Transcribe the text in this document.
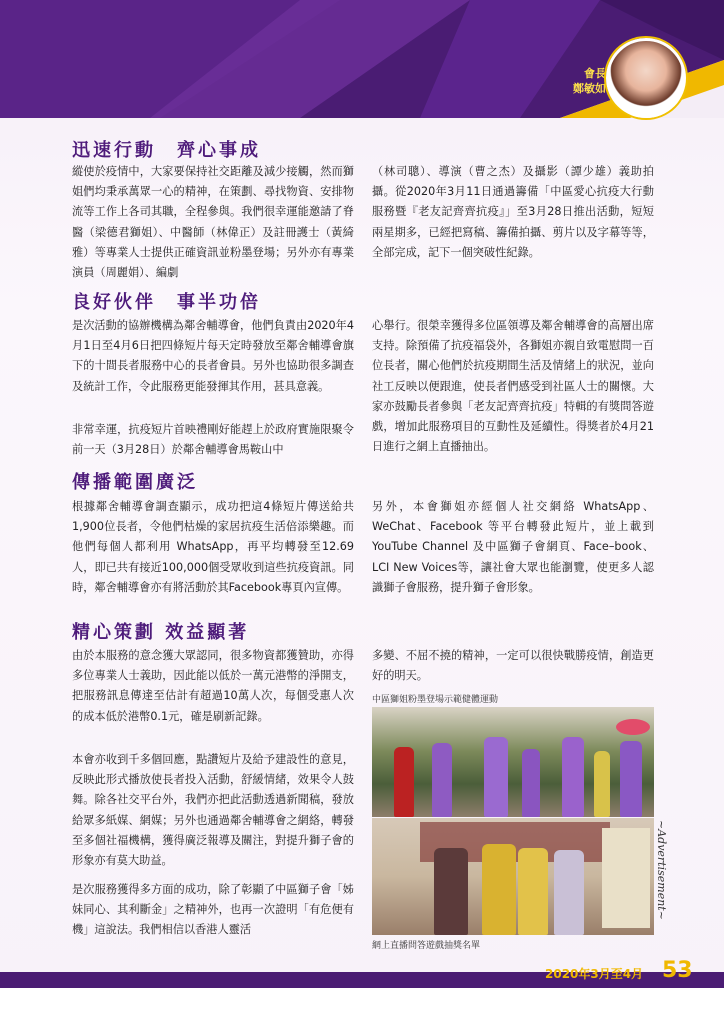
會長
鄭敏如
迅速行動　齊心事成

縱使於疫情中，大家要保持社交距離及減少接觸，然而獅姐們均秉承萬眾一心的精神，在策劃、尋找物資、安排物流等工作上各司其職，全程參與。我們很幸運能邀請了脊醫（梁德君獅姐）、中醫師（林偉正）及註冊護士（黃綺雅）等專業人士提供正確資訊並粉墨登場；另外亦有專業演員（周麗娟）、編劇

（林司聰）、導演（曹之杰）及攝影（譚少雄）義助拍攝。從2020年3月11日通過籌備「中區愛心抗疫大行動服務暨『老友記齊齊抗疫』」至3月28日推出活動，短短兩星期多，已經把寫稿、籌備拍攝、剪片以及字幕等等，全部完成，記下一個突破性紀錄。

良好伙伴　事半功倍

是次活動的協辦機構為鄰舍輔導會，他們負責由2020年4月1日至4月6日把四條短片每天定時發放至鄰舍輔導會旗下的十間長者服務中心的長者會員。另外也協助很多調查及統計工作，令此服務更能發揮其作用，甚具意義。

非常幸運，抗疫短片首映禮剛好能趕上於政府實施限聚令前一天（3月28日）於鄰舍輔導會馬鞍山中

心舉行。很榮幸獲得多位區領導及鄰舍輔導會的高層出席支持。除預備了抗疫福袋外，各獅姐亦親自致電慰問一百位長者，關心他們於抗疫期間生活及情緒上的狀況，並向社工反映以便跟進，使長者們感受到社區人士的關懷。大家亦鼓勵長者參與「老友記齊齊抗疫」特輯的有獎問答遊戲，增加此服務項目的互動性及延續性。得獎者於4月21日進行之網上直播抽出。

傳播範圍廣泛

根據鄰舍輔導會調查顯示，成功把這4條短片傳送給共1,900位長者，令他們枯燥的家居抗疫生活倍添樂趣。而他們每個人都利用 WhatsApp，再平均轉發至12.69人，即已共有接近100,000個受眾收到這些抗疫資訊。同時，鄰舍輔導會亦有將活動於其Facebook專頁內宣傳。

另外，本會獅姐亦經個人社交網絡 WhatsApp、WeChat、Facebook 等平台轉發此短片，並上載到 YouTube Channel 及中區獅子會網頁、Face–book、LCI New Voices等，讓社會大眾也能瀏覽，使更多人認識獅子會服務，提升獅子會形象。

精心策劃 效益顯著

由於本服務的意念獲大眾認同，很多物資都獲贊助，亦得多位專業人士義助，因此能以低於一萬元港幣的淨開支，把服務訊息傳達至估計有超過10萬人次，每個受惠人次的成本低於港幣0.1元，確是刷新記錄。

本會亦收到千多個回應，點讚短片及給予建設性的意見，反映此形式播放使長者投入活動，舒緩情緒，效果令人鼓舞。除各社交平台外，我們亦把此活動透過新聞稿，發放給眾多紙媒、網媒；另外也通過鄰舍輔導會之網絡，轉發至多個社福機構，獲得廣泛報導及關注，對提升獅子會的形象亦有莫大助益。

是次服務獲得多方面的成功，除了彰顯了中區獅子會「姊妹同心、其利斷金」之精神外，也再一次證明「有危便有機」這說法。我們相信以香港人靈活

多變、不屈不撓的精神，一定可以很快戰勝疫情，創造更好的明天。

中區獅姐粉墨登場示範健體運動
網上直播問答遊戲抽獎名單
~Advertisement~
2020年3月至4月 53
